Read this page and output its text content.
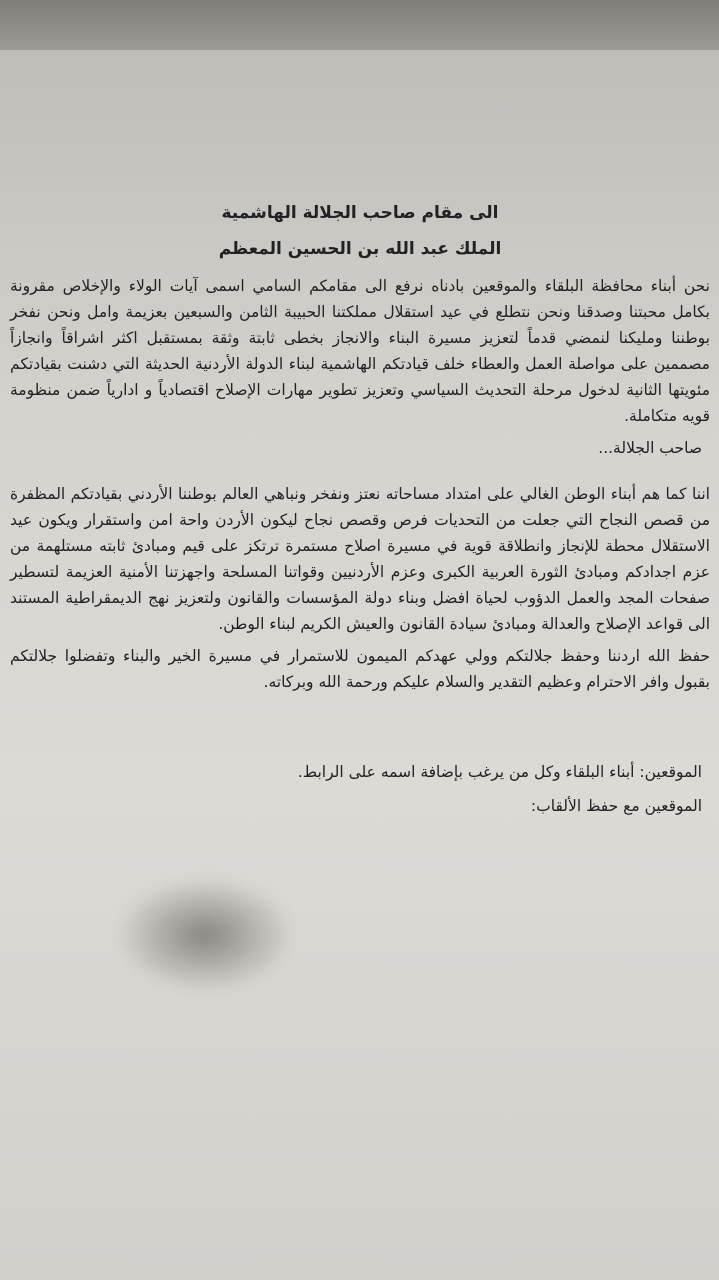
الى مقام صاحب الجلالة الهاشمية

الملك عبد الله بن الحسين المعظم

نحن أبناء محافظة البلقاء والموقعين بادناه نرفع الى مقامكم السامي اسمى آيات الولاء والإخلاص مقرونة بكامل محبتنا وصدقنا ونحن نتطلع في عيد استقلال مملكتنا الحبيبة الثامن والسبعين بعزيمة وامل ونحن نفخر بوطننا ومليكنا لنمضي قدماً لتعزيز مسيرة البناء والانجاز بخطى ثابتة وثقة بمستقبل اكثر اشراقاً وانجازاً مصممين على مواصلة العمل والعطاء خلف قيادتكم الهاشمية لبناء الدولة الأردنية الحديثة التي دشنت بقيادتكم مئويتها الثانية لدخول مرحلة التحديث السياسي وتعزيز تطوير مهارات الإصلاح اقتصادياً و ادارياً ضمن منظومة قويه متكاملة.

صاحب الجلالة...

اننا كما هم أبناء الوطن الغالي على امتداد مساحاته نعتز ونفخر ونباهي العالم بوطننا الأردني بقيادتكم المظفرة من قصص النجاح التي جعلت من التحديات فرص وقصص نجاح ليكون الأردن واحة امن واستقرار ويكون عيد الاستقلال محطة للإنجاز وانطلاقة قوية في مسيرة اصلاح مستمرة ترتكز على قيم ومبادئ ثابته مستلهمة من عزم اجدادكم ومبادئ الثورة العربية الكبرى وعزم الأردنيين وقواتنا المسلحة واجهزتنا الأمنية العزيمة لتسطير صفحات المجد والعمل الدؤوب لحياة افضل وبناء دولة المؤسسات والقانون ولتعزيز نهج الديمقراطية المستند الى قواعد الإصلاح والعدالة ومبادئ سيادة القانون والعيش الكريم لبناء الوطن.

حفظ الله اردننا وحفظ جلالتكم وولي عهدكم الميمون للاستمرار في مسيرة الخير والبناء وتفضلوا جلالتكم بقبول وافر الاحترام وعظيم التقدير والسلام عليكم ورحمة الله وبركاته.

الموقعين: أبناء البلقاء وكل من يرغب بإضافة اسمه على الرابط.

الموقعين مع حفظ الألقاب:
